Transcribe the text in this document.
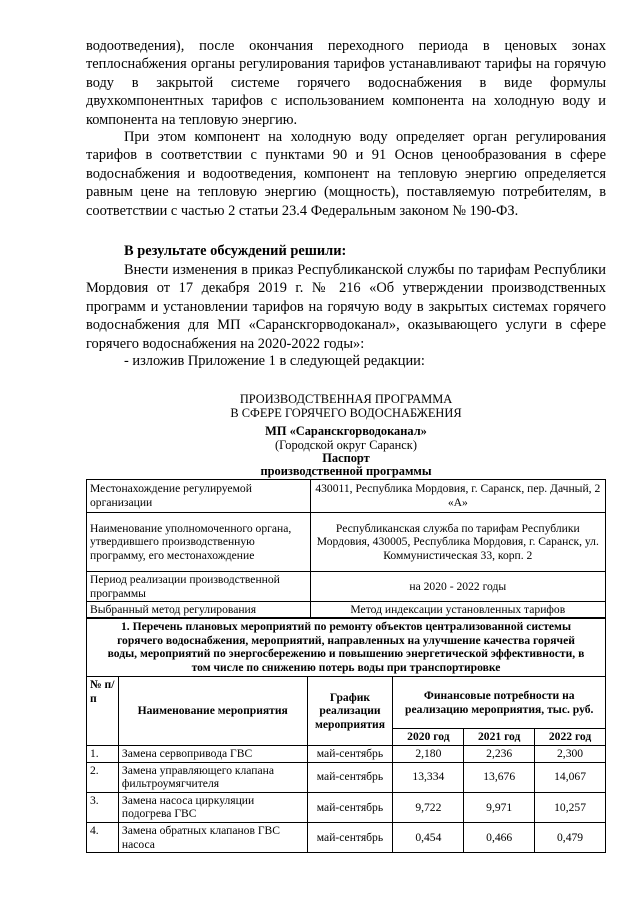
водоотведения), после окончания переходного периода в ценовых зонах теплоснабжения органы регулирования тарифов устанавливают тарифы на горячую воду в закрытой системе горячего водоснабжения в виде формулы двухкомпонентных тарифов с использованием компонента на холодную воду и компонента на тепловую энергию.

При этом компонент на холодную воду определяет орган регулирования тарифов в соответствии с пунктами 90 и 91 Основ ценообразования в сфере водоснабжения и водоотведения, компонент на тепловую энергию определяется равным цене на тепловую энергию (мощность), поставляемую потребителям, в соответствии с частью 2 статьи 23.4 Федеральным законом № 190-ФЗ.

В результате обсуждений решили:

Внести изменения в приказ Республиканской службы по тарифам Республики Мордовия от 17 декабря 2019 г. № 216 «Об утверждении производственных программ и установлении тарифов на горячую воду в закрытых системах горячего водоснабжения для МП «Саранскгорводоканал», оказывающего услуги в сфере горячего водоснабжения на 2020-2022 годы»:

- изложив Приложение 1 в следующей редакции:

ПРОИЗВОДСТВЕННАЯ ПРОГРАММА

В СФЕРЕ ГОРЯЧЕГО ВОДОСНАБЖЕНИЯ

МП «Саранскгорводоканал»

(Городской округ Саранск)

Паспорт

производственной программы

Местонахождение регулируемой организации	430011, Республика Мордовия, г. Саранск, пер. Дачный, 2 «А»
Наименование уполномоченного органа, утвердившего производственную программу, его местонахождение	Республиканская служба по тарифам Республики Мордовия, 430005, Республика Мордовия, г. Саранск, ул. Коммунистическая 33, корп. 2
Период реализации производственной программы	на 2020 - 2022 годы
Выбранный метод регулирования	Метод индексации установленных тарифов
1. Перечень плановых мероприятий по ремонту объектов централизованной системы горячего водоснабжения, мероприятий, направленных на улучшение качества горячей воды, мероприятий по энергосбережению и повышению энергетической эффективности, в том числе по снижению потерь воды при транспортировке					
№ п/п	Наименование мероприятия	График реализации мероприятия	Финансовые потребности на реализацию мероприятия, тыс. руб.		
			2020 год	2021 год	2022 год
1.	Замена сервопривода ГВС	май-сентябрь	2,180	2,236	2,300
2.	Замена управляющего клапана фильтроумягчителя	май-сентябрь	13,334	13,676	14,067
3.	Замена насоса циркуляции подогрева ГВС	май-сентябрь	9,722	9,971	10,257
4.	Замена обратных клапанов ГВС насоса	май-сентябрь	0,454	0,466	0,479
